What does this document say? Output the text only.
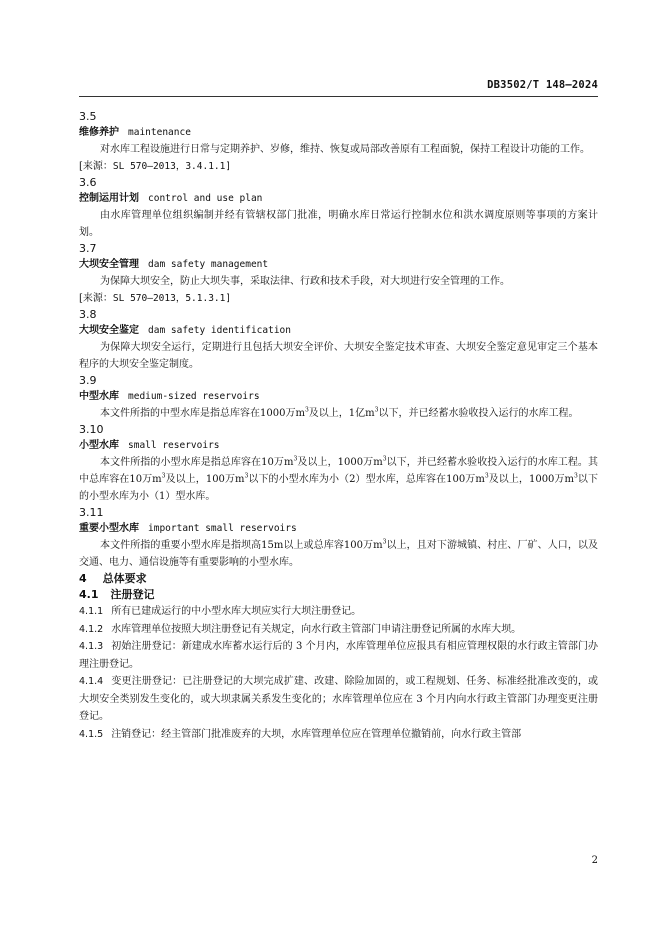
DB3502/T 148—2024

3.5

维修养护 maintenance

对水库工程设施进行日常与定期养护、岁修，维持、恢复或局部改善原有工程面貌，保持工程设计功能的工作。

[来源：SL 570—2013，3.4.1.1]

3.6

控制运用计划 control and use plan

由水库管理单位组织编制并经有管辖权部门批准，明确水库日常运行控制水位和洪水调度原则等事项的方案计划。

3.7

大坝安全管理 dam safety management

为保障大坝安全，防止大坝失事，采取法律、行政和技术手段，对大坝进行安全管理的工作。

[来源：SL 570—2013，5.1.3.1]

3.8

大坝安全鉴定 dam safety identification

为保障大坝安全运行，定期进行且包括大坝安全评价、大坝安全鉴定技术审查、大坝安全鉴定意见审定三个基本程序的大坝安全鉴定制度。

3.9

中型水库 medium-sized reservoirs

本文件所指的中型水库是指总库容在1000万$m^3$及以上，1亿$m^3$以下，并已经蓄水验收投入运行的水库工程。

3.10

小型水库 small reservoirs

本文件所指的小型水库是指总库容在10万$m^3$及以上，1000万$m^3$以下，并已经蓄水验收投入运行的水库工程。其中总库容在10万$m^3$及以上，100万$m^3$以下的小型水库为小（2）型水库，总库容在100万$m^3$及以上，1000万$m^3$以下的小型水库为小（1）型水库。

3.11

重要小型水库 important small reservoirs

本文件所指的重要小型水库是指坝高15m以上或总库容100万$m^3$以上，且对下游城镇、村庄、厂矿、人口，以及交通、电力、通信设施等有重要影响的小型水库。

4 总体要求

4.1 注册登记

4.1.1 所有已建成运行的中小型水库大坝应实行大坝注册登记。

4.1.2 水库管理单位按照大坝注册登记有关规定，向水行政主管部门申请注册登记所属的水库大坝。

4.1.3 初始注册登记：新建成水库蓄水运行后的 3 个月内，水库管理单位应报具有相应管理权限的水行政主管部门办理注册登记。

4.1.4 变更注册登记：已注册登记的大坝完成扩建、改建、除险加固的，或工程规划、任务、标准经批准改变的，或大坝安全类别发生变化的，或大坝隶属关系发生变化的；水库管理单位应在 3 个月内向水行政主管部门办理变更注册登记。

4.1.5 注销登记：经主管部门批准废弃的大坝，水库管理单位应在管理单位撤销前，向水行政主管部

2
